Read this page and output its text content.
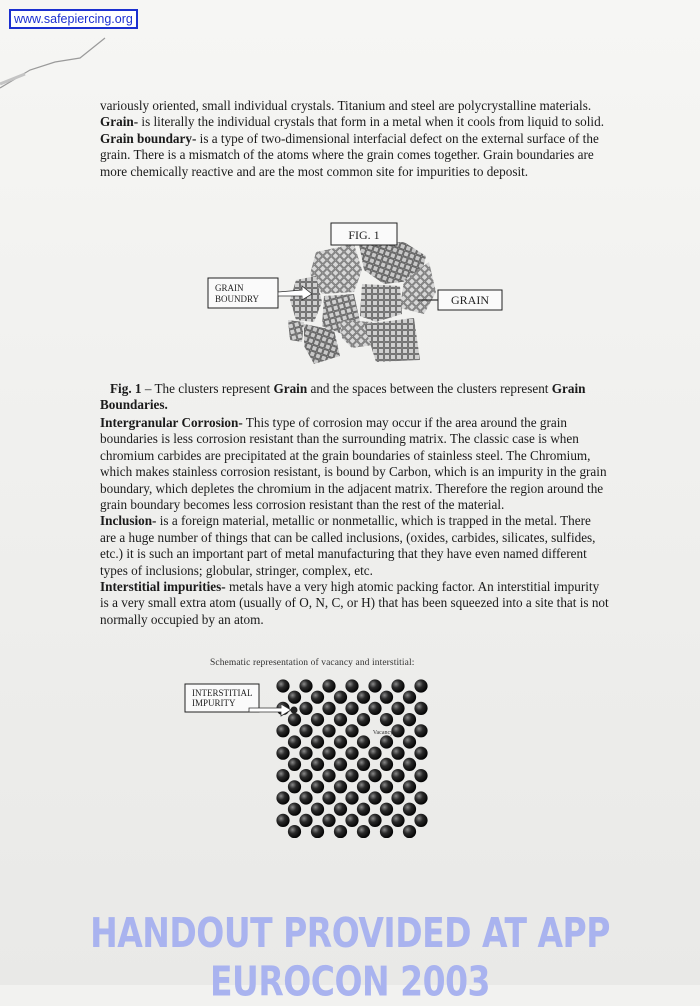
www.safepiercing.org

variously oriented, small individual crystals. Titanium and steel are polycrystalline materials.

Grain- is literally the individual crystals that form in a metal when it cools from liquid to solid.

Grain boundary- is a type of two-dimensional interfacial defect on the external surface of the grain. There is a mismatch of the atoms where the grain comes together. Grain boundaries are more chemically reactive and are the most common site for impurities to deposit.

FIG. 1
GRAIN
BOUNDRY	GRAIN
Fig. 1 – The clusters represent Grain and the spaces between the clusters represent Grain Boundaries.

Intergranular Corrosion- This type of corrosion may occur if the area around the grain boundaries is less corrosion resistant than the surrounding matrix. The classic case is when chromium carbides are precipitated at the grain boundaries of stainless steel. The Chromium, which makes stainless corrosion resistant, is bound by Carbon, which is an impurity in the grain boundary, which depletes the chromium in the adjacent matrix. Therefore the region around the grain boundary becomes less corrosion resistant than the rest of the material.

Inclusion- is a foreign material, metallic or nonmetallic, which is trapped in the metal. There are a huge number of things that can be called inclusions, (oxides, carbides, silicates, sulfides, etc.) it is such an important part of metal manufacturing that they have even named different types of inclusions; globular, stringer, complex, etc.

Interstitial impurities- metals have a very high atomic packing factor. An interstitial impurity is a very small extra atom (usually of O, N, C, or H) that has been squeezed into a site that is not normally occupied by an atom.

Schematic representation of vacancy and interstitial:
INTERSTITIAL
IMPURITY
Vacancy
HANDOUT PROVIDED AT APP EUROCON 2003
